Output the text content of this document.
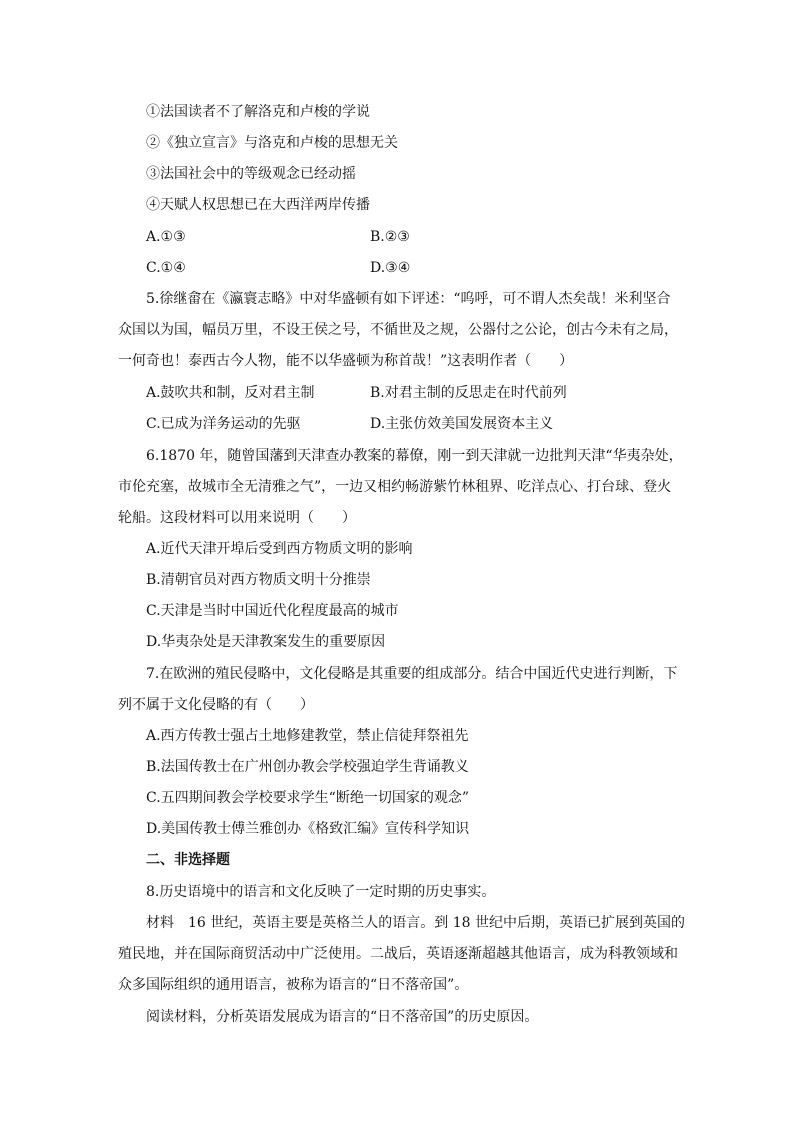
①法国读者不了解洛克和卢梭的学说
②《独立宣言》与洛克和卢梭的思想无关
③法国社会中的等级观念已经动摇
④天赋人权思想已在大西洋两岸传播
A.①③	B.②③
C.①④	D.③④
5.徐继畲在《瀛寰志略》中对华盛顿有如下评述：“呜呼，可不谓人杰矣哉！米利坚合
众国以为国，幅员万里，不设王侯之号，不循世及之规，公器付之公论，创古今未有之局，
一何奇也！泰西古今人物，能不以华盛顿为称首哉！”这表明作者（　　）
A.鼓吹共和制，反对君主制	B.对君主制的反思走在时代前列
C.已成为洋务运动的先驱	D.主张仿效美国发展资本主义
6.1870 年，随曾国藩到天津查办教案的幕僚，刚一到天津就一边批判天津“华夷杂处，
市伦充塞，故城市全无清雅之气”，一边又相约畅游紫竹林租界、吃洋点心、打台球、登火
轮船。这段材料可以用来说明（　　）
A.近代天津开埠后受到西方物质文明的影响
B.清朝官员对西方物质文明十分推崇
C.天津是当时中国近代化程度最高的城市
D.华夷杂处是天津教案发生的重要原因
7.在欧洲的殖民侵略中，文化侵略是其重要的组成部分。结合中国近代史进行判断，下
列不属于文化侵略的有（　　）
A.西方传教士强占土地修建教堂，禁止信徒拜祭祖先
B.法国传教士在广州创办教会学校强迫学生背诵教义
C.五四期间教会学校要求学生“断绝一切国家的观念”
D.美国传教士傅兰雅创办《格致汇编》宣传科学知识
二、非选择题
8.历史语境中的语言和文化反映了一定时期的历史事实。
材料　16 世纪，英语主要是英格兰人的语言。到 18 世纪中后期，英语已扩展到英国的
殖民地，并在国际商贸活动中广泛使用。二战后，英语逐渐超越其他语言，成为科教领域和
众多国际组织的通用语言，被称为语言的“日不落帝国”。
阅读材料，分析英语发展成为语言的“日不落帝国”的历史原因。
